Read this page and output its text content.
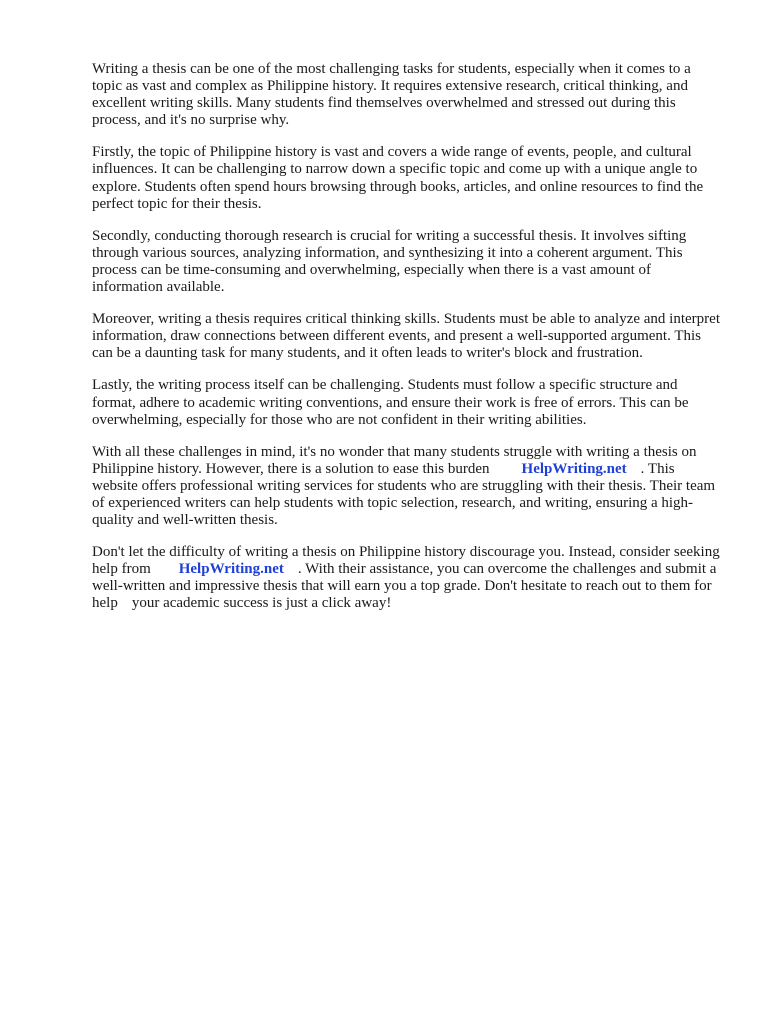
Writing a thesis can be one of the most challenging tasks for students, especially when it comes to a topic as vast and complex as Philippine history. It requires extensive research, critical thinking, and excellent writing skills. Many students find themselves overwhelmed and stressed out during this process, and it's no surprise why.

Firstly, the topic of Philippine history is vast and covers a wide range of events, people, and cultural influences. It can be challenging to narrow down a specific topic and come up with a unique angle to explore. Students often spend hours browsing through books, articles, and online resources to find the perfect topic for their thesis.

Secondly, conducting thorough research is crucial for writing a successful thesis. It involves sifting through various sources, analyzing information, and synthesizing it into a coherent argument. This process can be time-consuming and overwhelming, especially when there is a vast amount of information available.

Moreover, writing a thesis requires critical thinking skills. Students must be able to analyze and interpret information, draw connections between different events, and present a well-supported argument. This can be a daunting task for many students, and it often leads to writer's block and frustration.

Lastly, the writing process itself can be challenging. Students must follow a specific structure and format, adhere to academic writing conventions, and ensure their work is free of errors. This can be overwhelming, especially for those who are not confident in their writing abilities.

With all these challenges in mind, it's no wonder that many students struggle with writing a thesis on Philippine history. However, there is a solution to ease this burden HelpWriting.net . This website offers professional writing services for students who are struggling with their thesis. Their team of experienced writers can help students with topic selection, research, and writing, ensuring a high-quality and well-written thesis.

Don't let the difficulty of writing a thesis on Philippine history discourage you. Instead, consider seeking help from HelpWriting.net . With their assistance, you can overcome the challenges and submit a well-written and impressive thesis that will earn you a top grade. Don't hesitate to reach out to them for help your academic success is just a click away!
